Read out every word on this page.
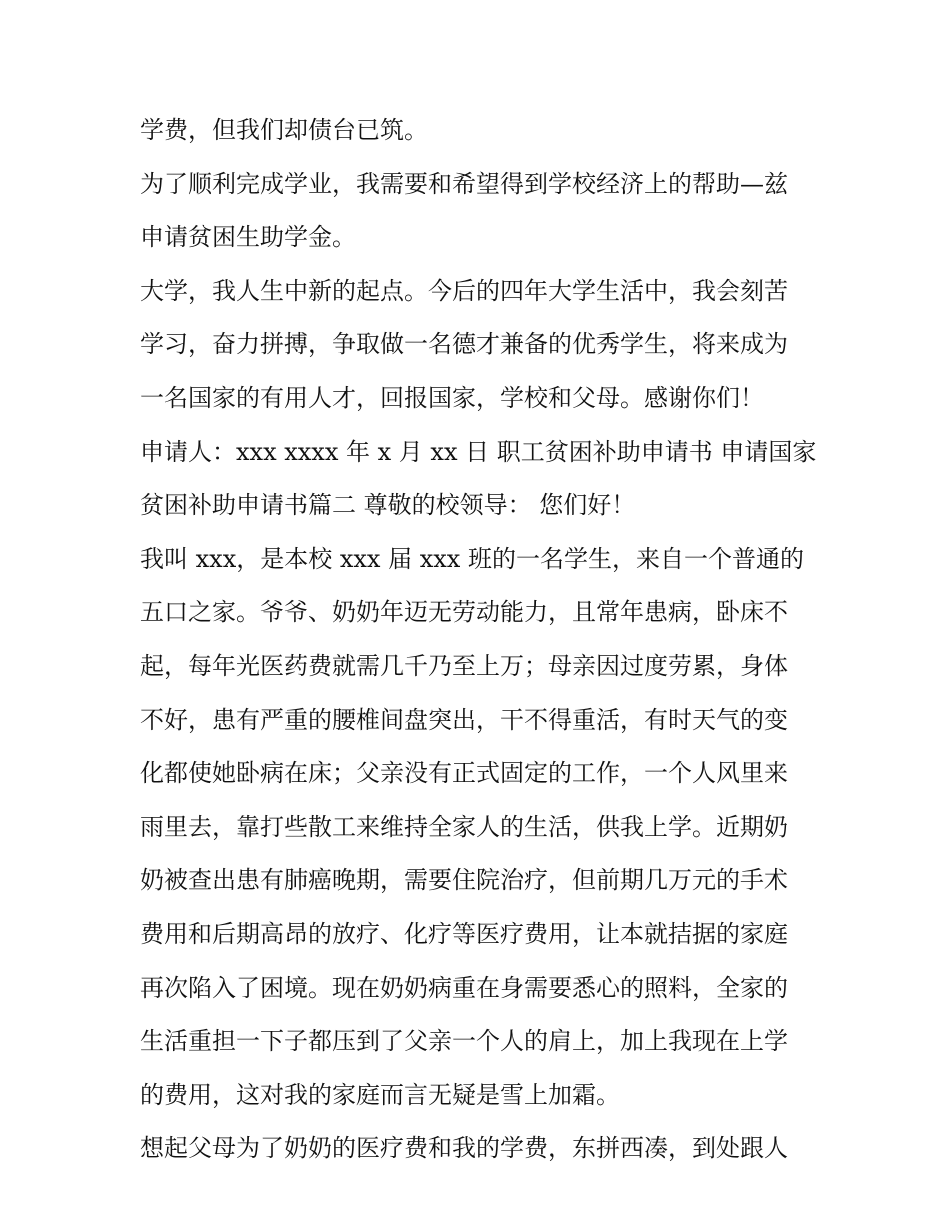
学费，但我们却债台已筑。
为了顺利完成学业，我需要和希望得到学校经济上的帮助—兹
申请贫困生助学金。
大学，我人生中新的起点。今后的四年大学生活中，我会刻苦
学习，奋力拼搏，争取做一名德才兼备的优秀学生，将来成为
一名国家的有用人才，回报国家，学校和父母。感谢你们！
申请人：xxx xxxx 年 x 月 xx 日 职工贫困补助申请书 申请国家
贫困补助申请书篇二 尊敬的校领导： 您们好！
我叫 xxx，是本校 xxx 届 xxx 班的一名学生，来自一个普通的
五口之家。爷爷、奶奶年迈无劳动能力，且常年患病，卧床不
起，每年光医药费就需几千乃至上万；母亲因过度劳累，身体
不好，患有严重的腰椎间盘突出，干不得重活，有时天气的变
化都使她卧病在床；父亲没有正式固定的工作，一个人风里来
雨里去，靠打些散工来维持全家人的生活，供我上学。近期奶
奶被查出患有肺癌晚期，需要住院治疗，但前期几万元的手术
费用和后期高昂的放疗、化疗等医疗费用，让本就拮据的家庭
再次陷入了困境。现在奶奶病重在身需要悉心的照料，全家的
生活重担一下子都压到了父亲一个人的肩上，加上我现在上学
的费用，这对我的家庭而言无疑是雪上加霜。
想起父母为了奶奶的医疗费和我的学费，东拼西凑，到处跟人
